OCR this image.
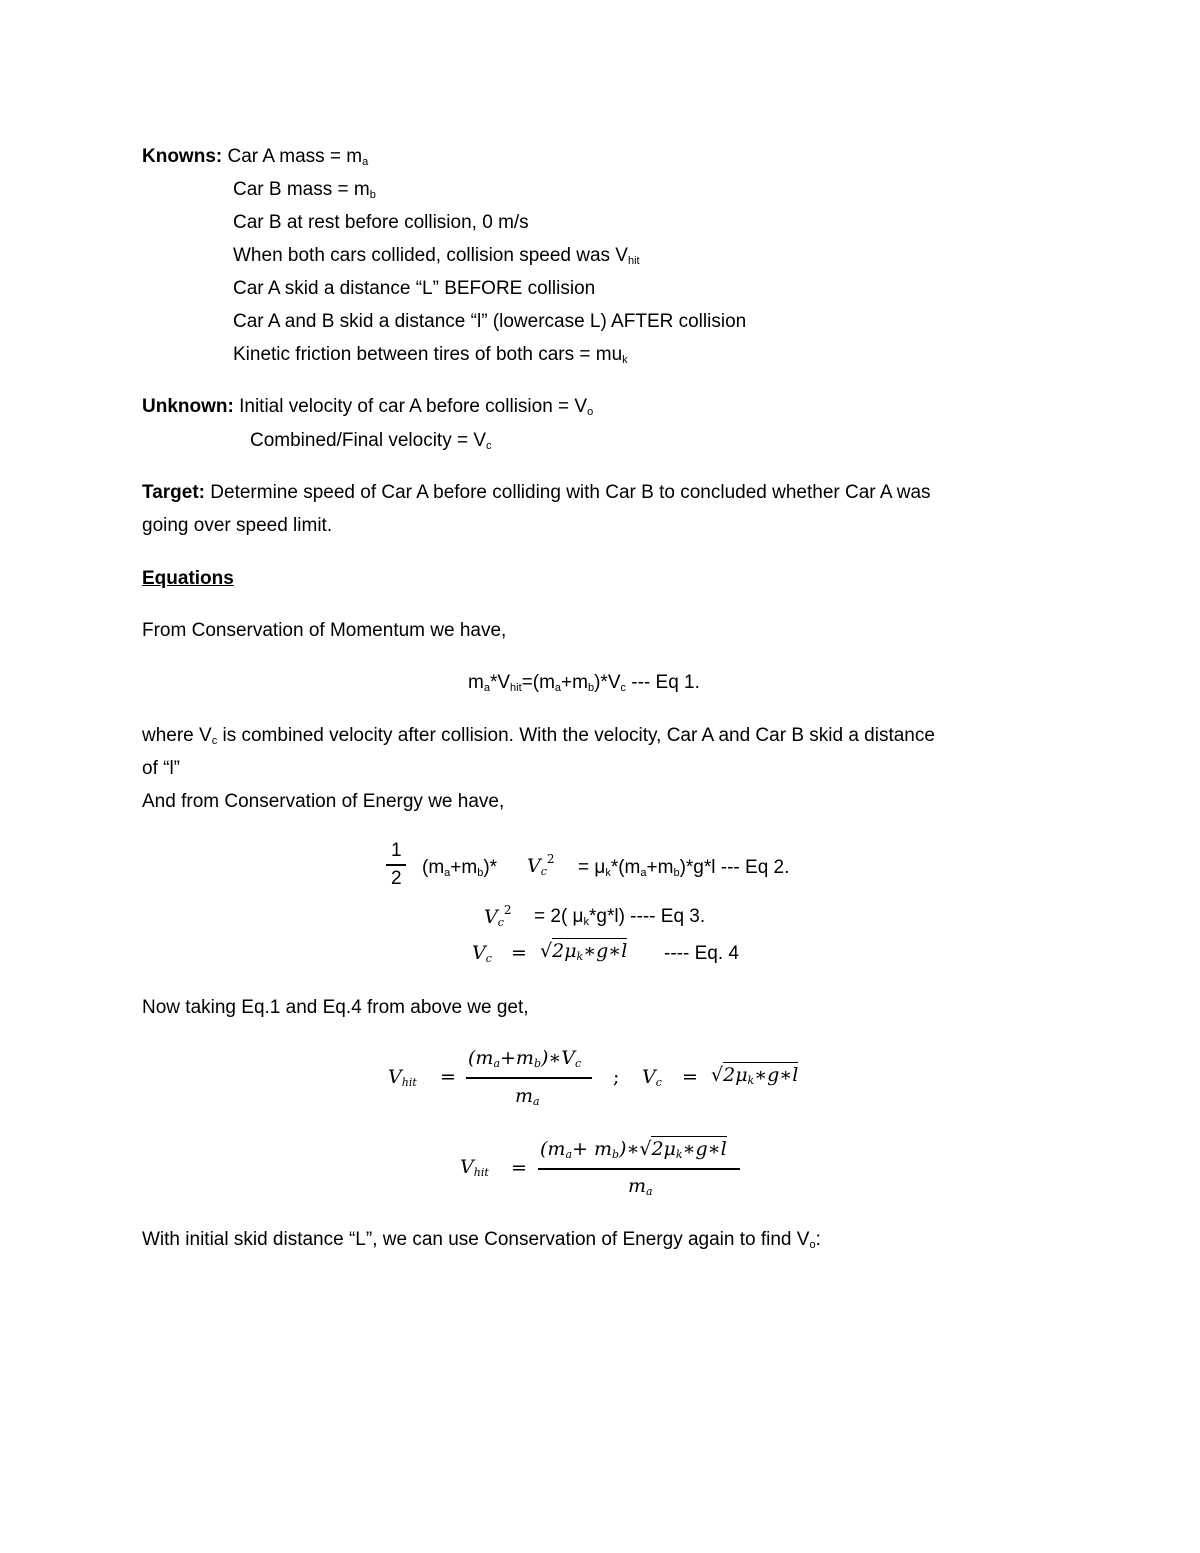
Knowns: Car A mass = $m_a$
Car B mass = $m_b$
Car B at rest before collision, 0 m/s
When both cars collided, collision speed was $V_{hit}$
Car A skid a distance “L” BEFORE collision
Car A and B skid a distance “l” (lowercase L) AFTER collision
Kinetic friction between tires of both cars = $mu_k$
Unknown: Initial velocity of car A before collision = $V_o$
Combined/Final velocity = $V_c$
Target: Determine speed of Car A before colliding with Car B to concluded whether Car A was
going over speed limit.
Equations
From Conservation of Momentum we have,
$m_a*V_{hit}=(m_a+m_b)*V_c$ --- Eq 1.
where $V_c$ is combined velocity after collision. With the velocity, Car A and Car B skid a distance
of “l”
And from Conservation of Energy we have,
1
2
$(m_a+m_b)*$ $V_c^2 = \mu_k*(m_a+m_b)*g*l$ --- Eq 2.
$V_c^2 = 2$( $\mu_k*g*l$) ---- Eq 3.
$V_c$ = $√2\mu_k∗g∗l$ ---- Eq. 4
Now taking Eq.1 and Eq.4 from above we get,
$V_{hit}$ =
$(m_a+m_b)∗V_c$
$m_a$
; $V_c$ = $√2\mu_k∗g∗l$
$V_{hit}$ =
($m_a+$ $m_b)∗√2\mu_k∗g∗l$
$m_a$
With initial skid distance “L”, we can use Conservation of Energy again to find $V_o$:
